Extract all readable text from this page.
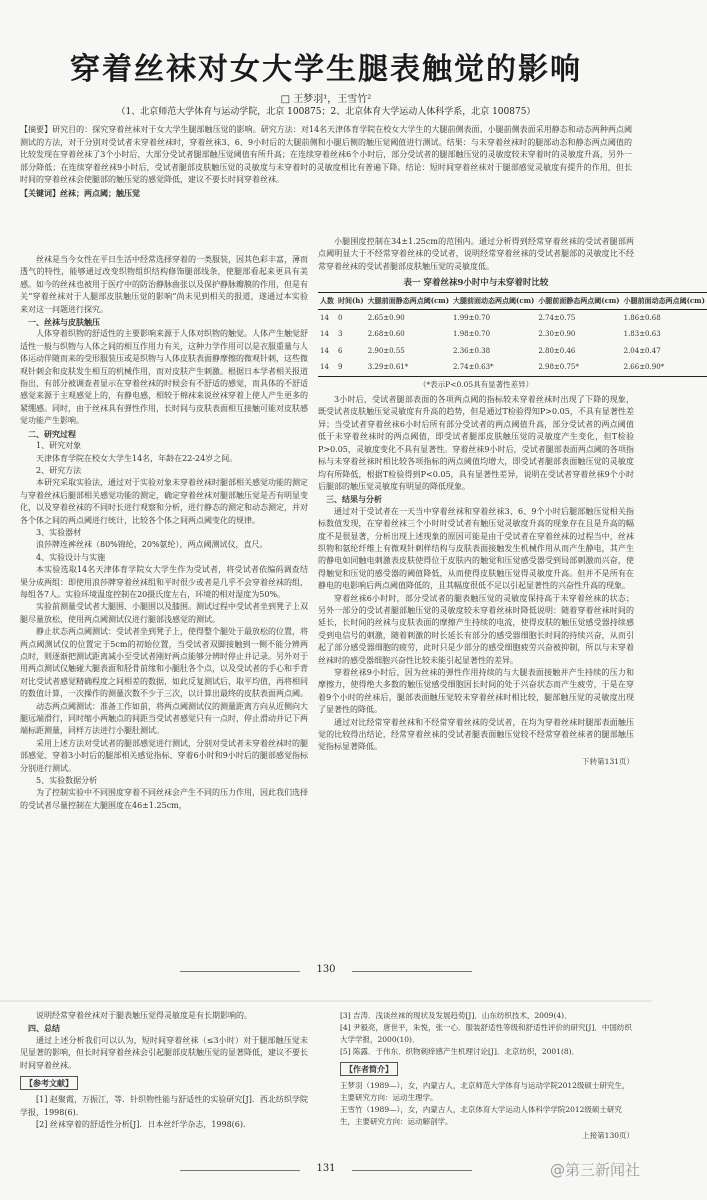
穿着丝袜对女大学生腿表触觉的影响
□ 王梦羽¹，王雪竹²
（1、北京师范大学体育与运动学院，北京 100875；2、北京体育大学运动人体科学系，北京 100875）
【摘要】研究目的：探究穿着丝袜对于女大学生腿部触压觉的影响。研究方法：对14名天津体育学院在校女大学生的大腿前侧表面、小腿前侧表面采用静态和动态两种两点阈测试的方法，对于分别对受试者未穿着丝袜时，穿着丝袜3、6、9小时后的大腿前侧和小腿后侧的触压觉阈值进行测试。结果：与未穿着丝袜时的腿部动态和静态两点阈值的比较发现在穿着丝袜了3个小时后，大部分受试者腿部触压觉阈值有所升高；在连续穿着丝袜6个小时后，部分受试者的腿部触压觉的灵敏度较未穿着时的灵敏度升高，另外一部分降低；在连续穿着丝袜9小时后，受试者腿部皮肤触压觉的灵敏度与未穿着时的灵敏度相比有普遍下降。结论：短时间穿着丝袜对于腿部感觉灵敏度有提升的作用，但长时间的穿着丝袜会使腿部的触压觉的感觉降低，建议不要长时间穿着丝袜。
【关键词】丝袜；两点阈；触压觉

丝袜是当今女性在平日生活中经常选择穿着的一类服装，因其色彩丰富，薄而透气的特性，能够通过改变织物组织结构修饰腿部线条，使腿部看起来更具有美感。如今的丝袜也被用于医疗中的防治静脉曲张以及保护静脉瓣膜的作用，但是有关“穿着丝袜对于人腿部皮肤触压觉的影响”尚未见到相关的报道，遂通过本实验来对这一问题进行探究。

一、丝袜与皮肤触压

人体穿着织物的舒适性的主要影响来源于人体对织物的触觉。人体产生触觉舒适性一般与织物与人体之间的相互作用力有关，这种力学作用可以是衣服重量与人体运动伴随而来的受形服装压或是织物与人体皮肤表面静摩擦的微观针刺，这些微观针刺会和皮肤发生相互的机械作用，而对皮肤产生刺激。根据日本学者相关报道指出，有部分被调查者显示在穿着丝袜的时候会有不舒适的感觉，而具体的不舒适感觉来源于主观感觉上的，有静电感，相较于棉袜来说丝袜穿着上使人产生更多的紧绷感。同时，由于丝袜具有弹性作用，长时间与皮肤表面相互接触可能对皮肤感觉功能产生影响。

二、研究过程

1、研究对象

天津体育学院在校女大学生14名，年龄在22-24岁之间。

2、研究方法

本研究采取实验法，通过对于实验对象未穿着丝袜时腿部相关感觉功能的测定与穿着丝袜后腿部相关感觉功能的测定，确定穿着丝袜对腿部触压觉是否有明显变化，以及穿着丝袜的不同时长进行观察和分析，进行静态的测定和动态测定，并对各个体之间的两点阈进行统计，比较各个体之间两点阈变化的规律。

3、实验器材

浪莎牌连裤丝袜（80%锦纶，20%氨纶），两点阈测试仪，直尺。

4、实验设计与实施

本实验选取14名天津体育学院女大学生作为受试者，将受试者依编码调查结果分成两组：即使用浪莎牌穿着丝袜组和平时很少或者是几乎不会穿着丝袜的组，每组各7人。实验环境温度控制在20摄氏度左右，环境的相对湿度为50%。

实验前测量受试者大腿围、小腿围以及膝围。测试过程中受试者坐到凳子上双腿尽量放松，使用两点阈测试仪进行腿部浅感觉的测试。

静止状态两点阈测试：受试者坐到凳子上，使得整个腿处于最放松的位置，将两点阈测试仪的位置定于5cm的初始位置，当受试者双脚接触到一侧不能分辨两点时，则逐渐把测试距离减小至受试者刚好两点能够分辨时停止并记录。另外对于用两点测试仪触碰大腿表面和胫骨前缘和小腿肚各个点，以及受试者的手心和手背对比受试者感觉精确程度之间相差的数据，如此反复测试后，取平均值，再将相同的数值计算，一次操作的测量次数不少于三次，以计算出最终的皮肤表面两点阈。

动态两点阈测试：准备工作如前，将两点阈测试仪的测量距离方向从近侧向大腿远端滑行，同时缩小两触点的间距当受试者感觉只有一点时，停止滑动并记下两端标距测量，同样方法进行小腿肚测试。

采用上述方法对受试者的腿部感觉进行测试，分别对受试者未穿着丝袜时的腿部感觉、穿着3小时后的腿部相关感觉指标、穿着6小时和9小时后的腿部感觉指标分别进行测试。

5、实验数据分析

为了控制实验中不同围度穿着不同丝袜会产生不同的压力作用，因此我们选择的受试者尽量控制在大腿围度在46±1.25cm，

小腿围度控制在34±1.25cm的范围内。通过分析得到经常穿着丝袜的受试者腿部两点阈明显大于不经常穿着丝袜的受试者，说明经常穿着丝袜的受试者腿部的灵敏度比不经常穿着丝袜的受试者腿部皮肤触压觉的灵敏度低。

表一 穿着丝袜9小时中与未穿着时比较
人数	时间(h)	大腿前面静态两点阈(cm)	大腿前面动态两点阈(cm)	小腿前面静态两点阈(cm)	小腿前面动态两点阈(cm)

14	0	2.65±0.90	1.99±0.70	2.74±0.75	1.86±0.68
14	3	2.68±0.60	1.98±0.70	2.30±0.90	1.83±0.63
14	6	2.90±0.55	2.36±0.38	2.80±0.46	2.04±0.47
14	9	3.29±0.61*	2.74±0.63*	2.98±0.75*	2.66±0.90*
（*表示P<0.05具有显著性差异）

3小时后，受试者腿部表面的各项两点阈的指标较未穿着丝袜时出现了下降的现象，既受试者皮肤触压觉灵敏度有升高的趋势，但是通过T检验得知P>0.05，不具有显著性差异；当受试者穿着丝袜6小时后所有部分受试者的两点阈值升高，部分受试者的两点阈值低于未穿着丝袜时的两点阈值，即受试者腿部皮肤触压觉的灵敏度产生变化，但T检验P>0.05，灵敏度变化不具有显著性。穿着丝袜9小时后，受试者腿部表面两点阈的各项指标与未穿着丝袜时相比较各项指标的两点阈值均增大，即受试者腿部表面触压觉的灵敏度均有所降低，根据T检验得到P<0.05，具有显著性差异，说明在受试者穿着丝袜9个小时后腿部的触压觉灵敏度有明显的降低现象。

三、结果与分析

通过对于受试者在一天当中穿着丝袜和穿着丝袜3、6、9个小时后腿部触压觉相关指标数值发现，在穿着丝袜三个小时时受试者有触压觉灵敏度升高的现象存在且是升高的幅度不是很显著，分析出现上述现象的原因可能是由于受试者在穿着丝袜的过程当中，丝袜织物和氨纶纤维上有微观针刺样结构与皮肤表面接触发生机械作用从而产生静电，其产生的静电如同触电刺激表皮肤使得位于皮肤内的触觉和压觉感受器受到局部刺激而兴奋，使得触觉和压觉的感受器的阈值降低，从而使得皮肤触压觉得灵敏度升高。但并不是所有在静电的电影响后两点阈值降低的，且其幅度很低不足以引起显著性的兴奋性升高的现象。

穿着丝袜6小时时，部分受试者的腿表触压觉的灵敏度保持高于未穿着丝袜的状态；另外一部分的受试者腿部触压觉的灵敏度较未穿着丝袜时降低说明：随着穿着丝袜时间的延长，长时间的丝袜与皮肤表面的摩擦产生持续的电流，使得皮肤的触压觉感受器持续感受到电信号的刺激，随着刺激的时长延长有部分的感受器细胞长时间的持续兴奋，从而引起了部分感受器细胞的疲劳，此时只是少部分的感受细胞疲劳兴奋被抑制，所以与未穿着丝袜时的感受器细胞兴奋性比较未能引起显著性的差异。

穿着丝袜9小时后，因为丝袜的弹性作用持续的与大腿表面接触并产生持续的压力和摩擦力，使得绝大多数的触压觉感受细胞因长时间的处于兴奋状态而产生疲劳，于是在穿着9个小时的丝袜后，腿部表面触压觉较未穿着丝袜时相比较，腿部触压觉的灵敏度出现了显著性的降低。

通过对比经常穿着丝袜和不经常穿着丝袜的受试者，在均为穿着丝袜时腿部表面触压觉的比较得出结论，经常穿着丝袜的受试者腿表面触压觉较不经常穿着丝袜者的腿部触压觉指标显著降低。

下转第131页）
130

说明经常穿着丝袜对于腿表触压觉得灵敏度是有长期影响的。

四、总结

通过上述分析我们可以认为，短时间穿着丝袜（≤3小时）对于腿部触压觉未见显著的影响，但长时间穿着丝袜会引起腿部皮肤触压觉的显著降低，建议不要长时间穿着丝袜。

【参考文献】

[1] 赵聚霞，万振江，等．针织物性能与舒适性的实验研究[J]．西北纺织学院学报，1998(6)．

[2] 丝袜穿着的舒适性分析[J]．日本丝纤学杂志，1998(6)．

[3] 吉涛．浅谈丝袜的现状及发展趋势[J]．山东纺织技术，2009(4)．

[4] 尹毅亮，唐世平，朱悦，张一心．服装舒适性等级和舒适性评价的研究[J]．中国纺织大学学报，2000(10)．

[5] 陈露．于伟东．织物刺痒感产生机理讨论[J]．北京纺织，2001(8)．

【作者简介】

王梦羽（1989—），女，内蒙古人，北京师范大学体育与运动学院2012级硕士研究生，主要研究方向：运动生理学。

王雪竹（1989—），女，内蒙古人，北京体育大学运动人体科学学院2012级硕士研究生，主要研究方向：运动解剖学。

上接第130页）
131	@第三新闻社
